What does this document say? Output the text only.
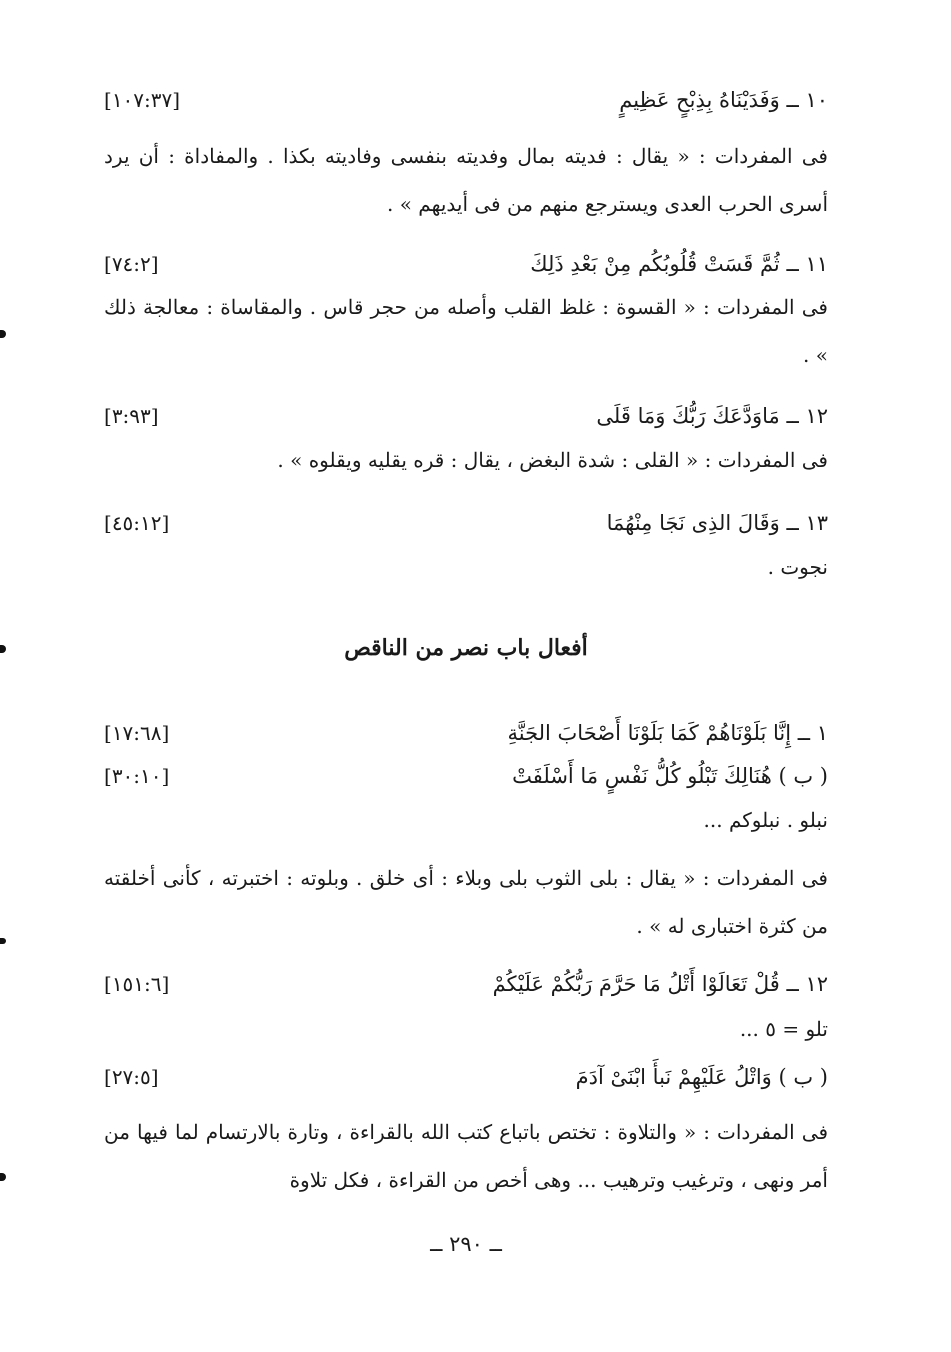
١٠ ــ وَفَدَيْنَاهُ بِذِبْحٍ عَظِيمٍ
[١٠٧:٣٧]
فى المفردات : « يقال : فديته بمال وفديته بنفسى وفاديته بكذا . والمفاداة : أن يرد أسرى الحرب العدى ويسترجع منهم من فى أيديهم » .
١١ ــ ثُمَّ قَسَتْ قُلُوبُكُم مِنْ بَعْدِ ذَلِكَ
[٧٤:٢]
فى المفردات : « القسوة : غلظ القلب وأصله من حجر قاس . والمقاساة : معالجة ذلك » .
١٢ ــ مَاوَدَّعَكَ رَبُّكَ وَمَا قَلَى
[٣:٩٣]
فى المفردات : « القلى : شدة البغض ، يقال : قره يقليه ويقلوه » .
١٣ ــ وَقَالَ الذِى نَجَا مِنْهُمَا
[٤٥:١٢]
نجوت .
أفعال باب نصر من الناقص
١ ــ إِنَّا بَلَوْنَاهُمْ كَمَا بَلَوْنَا أَصْحَابَ الجَنَّةِ
[١٧:٦٨]
( ب ) هُنَالِكَ تَبْلُو كُلُّ نَفْسٍ مَا أَسْلَفَتْ
[٣٠:١٠]
نبلو . نبلوكم ...
فى المفردات : « يقال : بلى الثوب بلى وبلاء : أى خلق . وبلوته : اختبرته ، كأنى أخلقته من كثرة اختبارى له » .
١٢ ــ قُلْ تَعَالَوْا أَتْلُ مَا حَرَّمَ رَبُّكُمْ عَلَيْكُمْ
[١٥١:٦]
تلو = ٥ ...
( ب ) وَاتْلُ عَلَيْهِمْ نَبأَ ابْنَىْ آدَمَ
[٢٧:٥]
فى المفردات : « والتلاوة : تختص باتباع كتب الله بالقراءة ، وتارة بالارتسام لما فيها من أمر ونهى ، وترغيب وترهيب ... وهى أخص من القراءة ، فكل تلاوة
ــ ٢٩٠ ــ
